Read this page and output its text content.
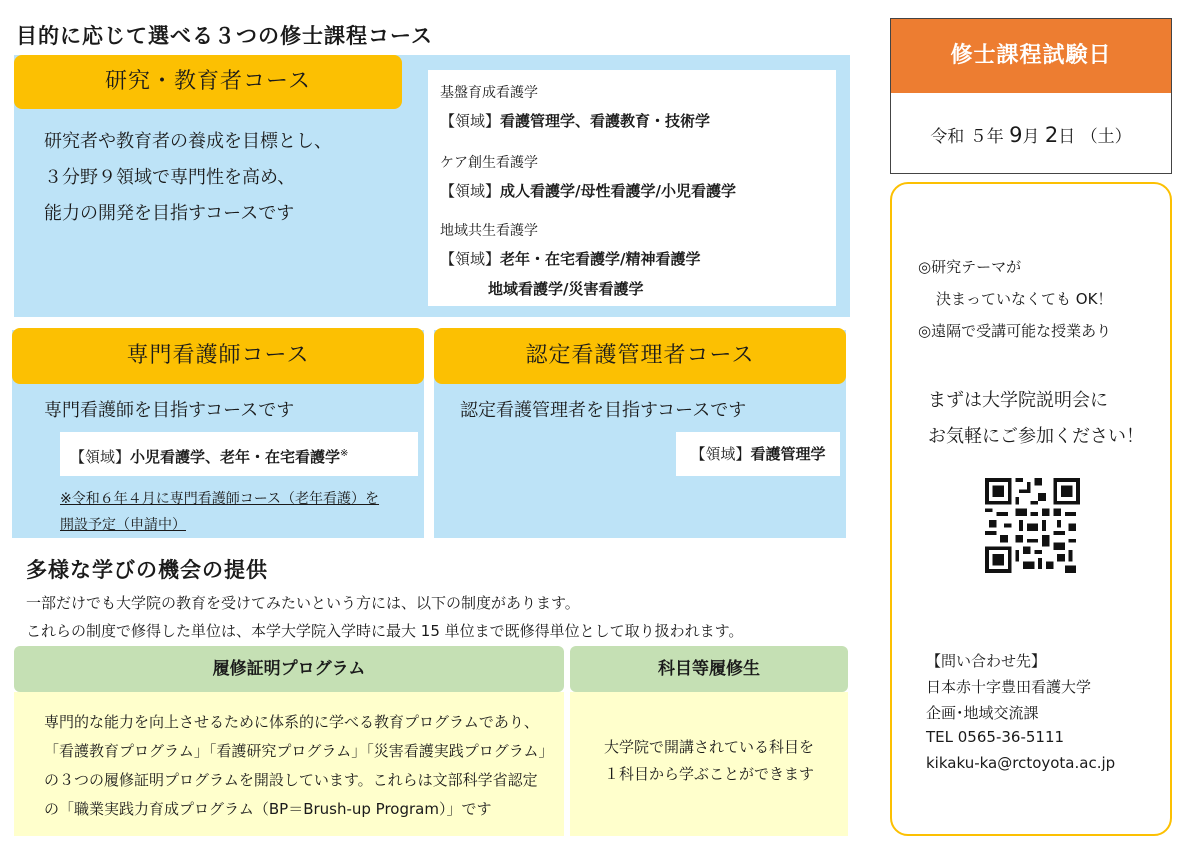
目的に応じて選べる３つの修士課程コース
研究・教育者コース
研究者や教育者の養成を目標とし、
３分野９領域で専門性を高め、
能力の開発を目指すコースです
基盤育成看護学
【領域】看護管理学、看護教育・技術学
ケア創生看護学
【領域】成人看護学/母性看護学/小児看護学
地域共生看護学
【領域】老年・在宅看護学/精神看護学
地域看護学/災害看護学
専門看護師コース
専門看護師を目指すコースです
【領域】小児看護学、老年・在宅看護学※
※令和６年４月に専門看護師コース（老年看護）を
開設予定（申請中）
認定看護管理者コース
認定看護管理者を目指すコースです
【領域】看護管理学
多様な学びの機会の提供
一部だけでも大学院の教育を受けてみたいという方には、以下の制度があります。
これらの制度で修得した単位は、本学大学院入学時に最大 15 単位まで既修得単位として取り扱われます。
履修証明プログラム
専門的な能力を向上させるために体系的に学べる教育プログラムであり、
「看護教育プログラム」「看護研究プログラム」「災害看護実践プログラム」
の３つの履修証明プログラムを開設しています。これらは文部科学省認定
の「職業実践力育成プログラム（BP＝Brush-up Program）」です
科目等履修生
大学院で開講されている科目を
１科目から学ぶことができます
修士課程試験日
令和 ５年 9月 2日 （土）
◎研究テーマが
決まっていなくても OK！
◎遠隔で受講可能な授業あり
まずは大学院説明会に
お気軽にご参加ください！
【問い合わせ先】
日本赤十字豊田看護大学
企画･地域交流課
TEL 0565-36-5111
kikaku-ka@rctoyota.ac.jp
